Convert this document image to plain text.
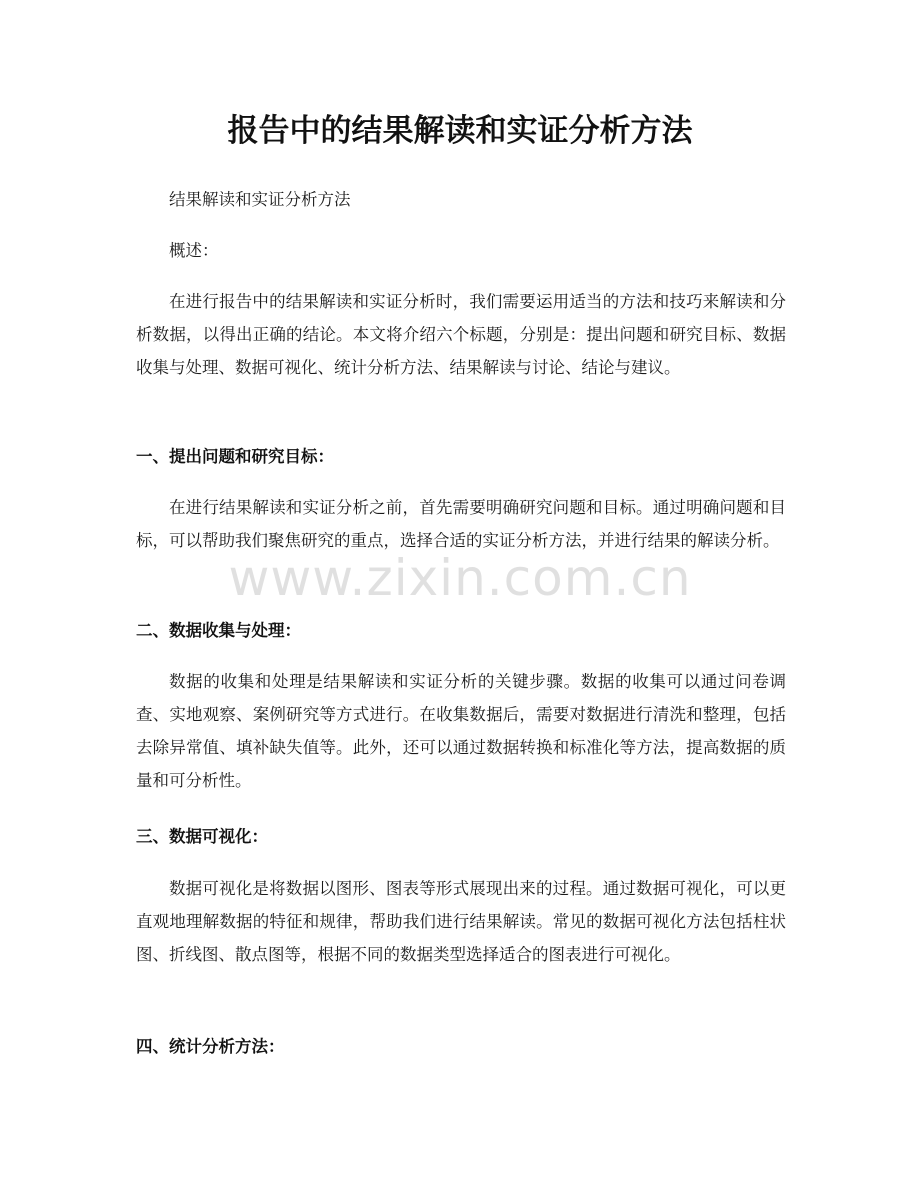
报告中的结果解读和实证分析方法

结果解读和实证分析方法

概述：

在进行报告中的结果解读和实证分析时，我们需要运用适当的方法和技巧来解读和分析数据，以得出正确的结论。本文将介绍六个标题，分别是：提出问题和研究目标、数据收集与处理、数据可视化、统计分析方法、结果解读与讨论、结论与建议。

一、提出问题和研究目标：

在进行结果解读和实证分析之前，首先需要明确研究问题和目标。通过明确问题和目标，可以帮助我们聚焦研究的重点，选择合适的实证分析方法，并进行结果的解读分析。

二、数据收集与处理：

数据的收集和处理是结果解读和实证分析的关键步骤。数据的收集可以通过问卷调查、实地观察、案例研究等方式进行。在收集数据后，需要对数据进行清洗和整理，包括去除异常值、填补缺失值等。此外，还可以通过数据转换和标准化等方法，提高数据的质量和可分析性。

三、数据可视化：

数据可视化是将数据以图形、图表等形式展现出来的过程。通过数据可视化，可以更直观地理解数据的特征和规律，帮助我们进行结果解读。常见的数据可视化方法包括柱状图、折线图、散点图等，根据不同的数据类型选择适合的图表进行可视化。

四、统计分析方法：
www.zixin.com.cn
